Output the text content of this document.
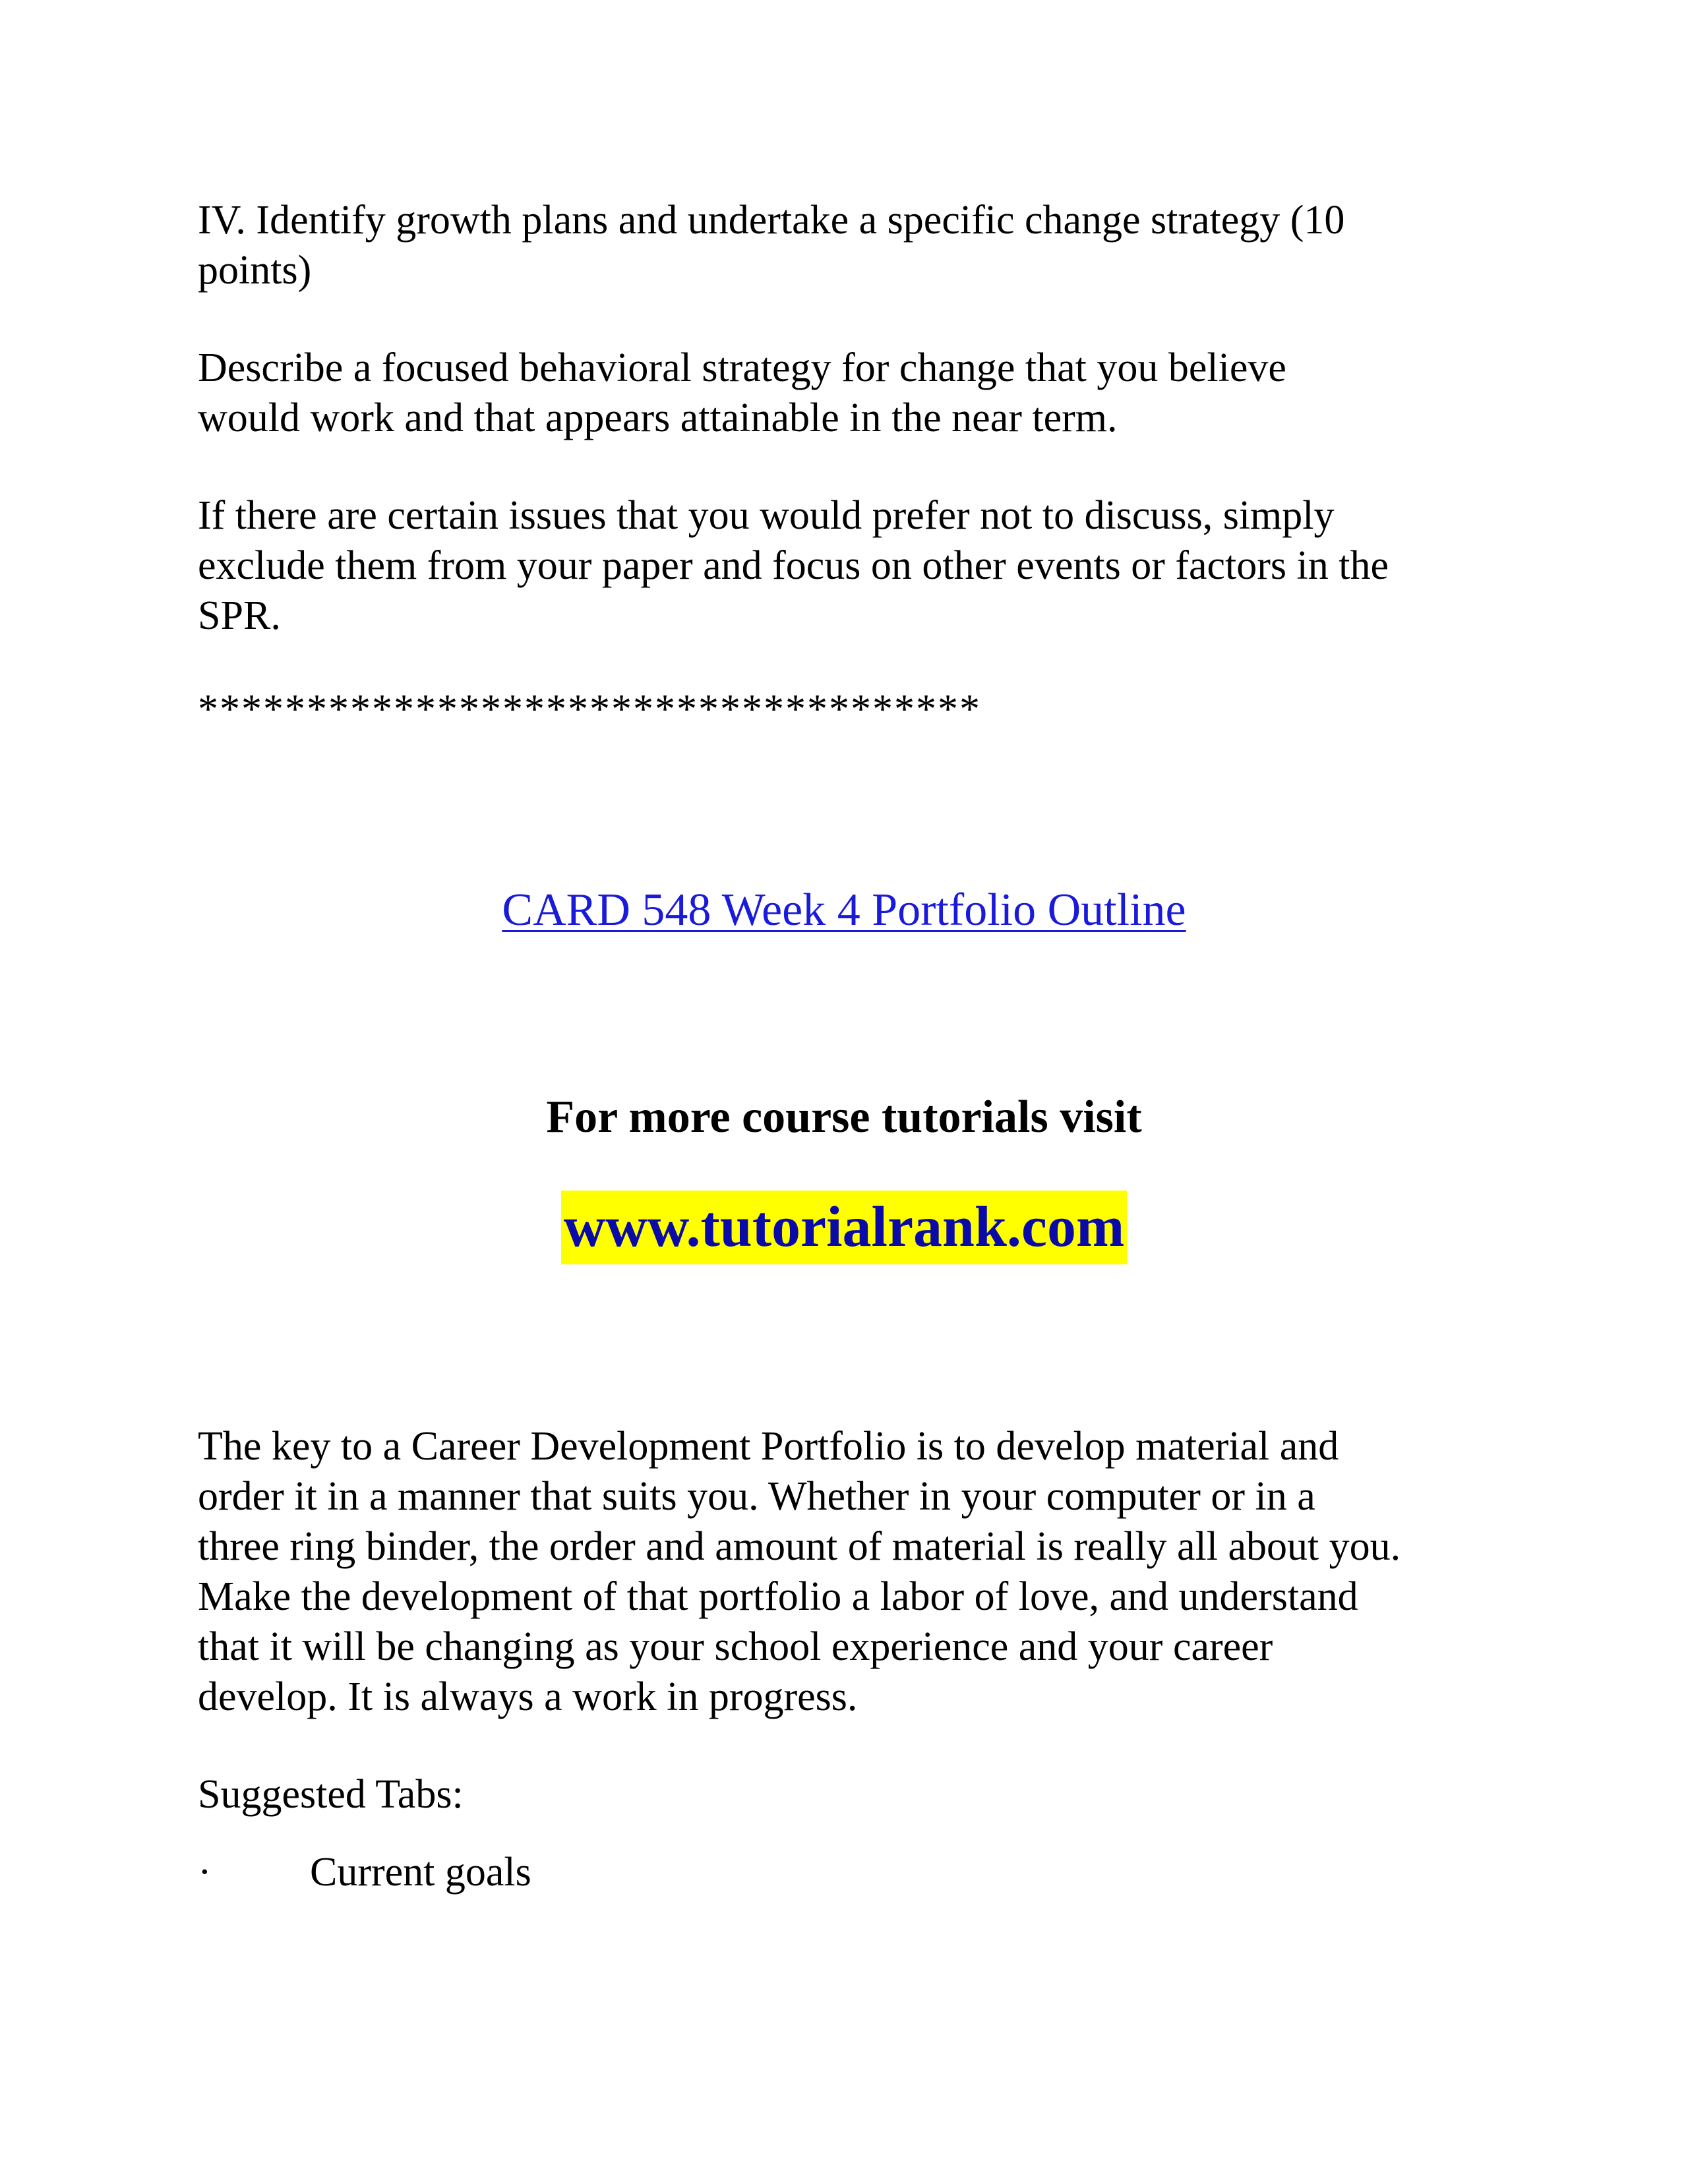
IV. Identify growth plans and undertake a specific change strategy (10
points)

Describe a focused behavioral strategy for change that you believe
would work and that appears attainable in the near term.

If there are certain issues that you would prefer not to discuss, simply
exclude them from your paper and focus on other events or factors in the
SPR.

************************************
CARD 548 Week 4 Portfolio Outline
For more course tutorials visit
www.tutorialrank.com

The key to a Career Development Portfolio is to develop material and
order it in a manner that suits you. Whether in your computer or in a
three ring binder, the order and amount of material is really all about you.
Make the development of that portfolio a labor of love, and understand
that it will be changing as your school experience and your career
develop. It is always a work in progress.

Suggested Tabs:

· Current goals
